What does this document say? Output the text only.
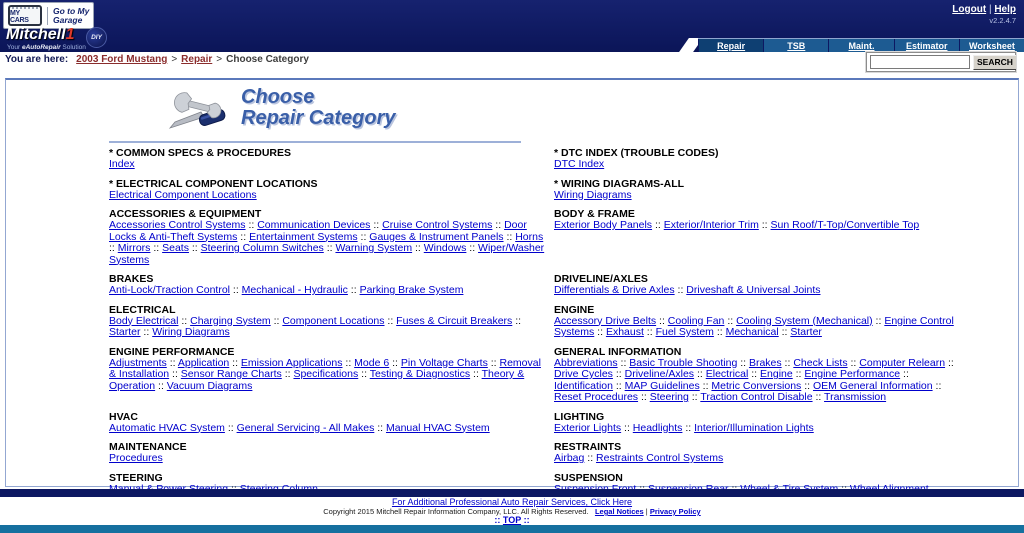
MY CARS
Go to My
Garage
Mitchell1	DIY
Your eAutoRepair Solution
Logout | Help
v2.2.4.7
Repair	TSB	Maint.	Estimator	Worksheet
You are here: 2003 Ford Mustang > Repair > Choose Category	SEARCH
Choose
Repair Category
* COMMON SPECS & PROCEDURES
Index

* DTC INDEX (TROUBLE CODES)
DTC Index

* ELECTRICAL COMPONENT LOCATIONS
Electrical Component Locations

* WIRING DIAGRAMS-ALL
Wiring Diagrams

ACCESSORIES & EQUIPMENT
Accessories Control Systems :: Communication Devices :: Cruise Control Systems :: Door Locks & Anti-Theft Systems :: Entertainment Systems :: Gauges & Instrument Panels :: Horns :: Mirrors :: Seats :: Steering Column Switches :: Warning System :: Windows :: Wiper/Washer Systems

BODY & FRAME
Exterior Body Panels :: Exterior/Interior Trim :: Sun Roof/T-Top/Convertible Top

BRAKES
Anti-Lock/Traction Control :: Mechanical - Hydraulic :: Parking Brake System

DRIVELINE/AXLES
Differentials & Drive Axles :: Driveshaft & Universal Joints

ELECTRICAL
Body Electrical :: Charging System :: Component Locations :: Fuses & Circuit Breakers :: Starter :: Wiring Diagrams

ENGINE
Accessory Drive Belts :: Cooling Fan :: Cooling System (Mechanical) :: Engine Control Systems :: Exhaust :: Fuel System :: Mechanical :: Starter

ENGINE PERFORMANCE
Adjustments :: Application :: Emission Applications :: Mode 6 :: Pin Voltage Charts :: Removal & Installation :: Sensor Range Charts :: Specifications :: Testing & Diagnostics :: Theory & Operation :: Vacuum Diagrams

GENERAL INFORMATION
Abbreviations :: Basic Trouble Shooting :: Brakes :: Check Lists :: Computer Relearn :: Drive Cycles :: Driveline/Axles :: Electrical :: Engine :: Engine Performance :: Identification :: MAP Guidelines :: Metric Conversions :: OEM General Information :: Reset Procedures :: Steering :: Traction Control Disable :: Transmission

HVAC
Automatic HVAC System :: General Servicing - All Makes :: Manual HVAC System

LIGHTING
Exterior Lights :: Headlights :: Interior/Illumination Lights

MAINTENANCE
Procedures

RESTRAINTS
Airbag :: Restraints Control Systems

STEERING	SUSPENSION

For Additional Professional Auto Repair Services, Click Here
Copyright 2015 Mitchell Repair Information Company, LLC. All Rights Reserved. Legal Notices | Privacy Policy
:: TOP ::
